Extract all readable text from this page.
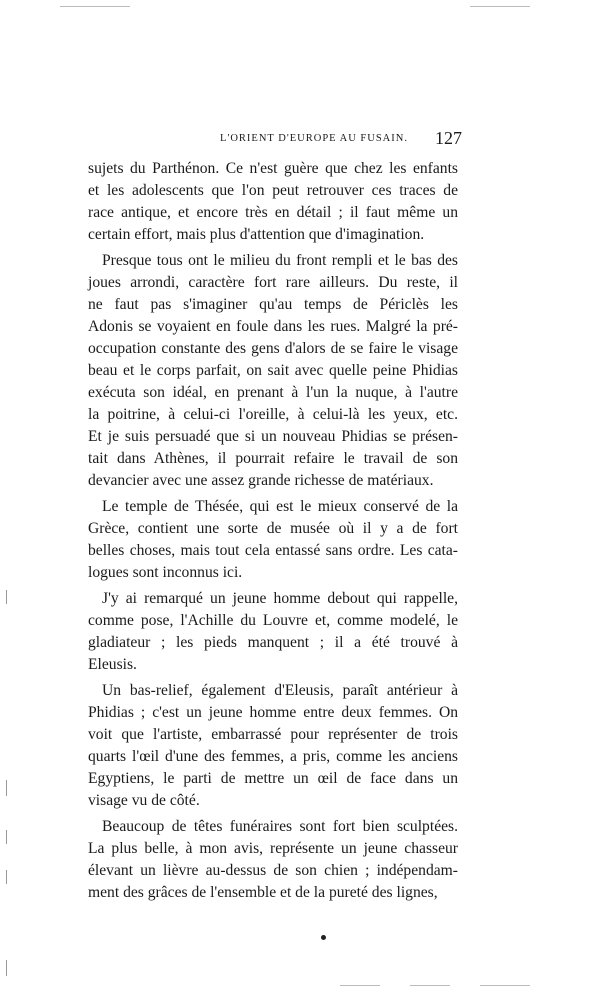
L'ORIENT D'EUROPE AU FUSAIN.	127
sujets du Parthénon. Ce n'est guère que chez les enfants
et les adolescents que l'on peut retrouver ces traces de
race antique, et encore très en détail ; il faut même un
certain effort, mais plus d'attention que d'imagination.
Presque tous ont le milieu du front rempli et le bas des
joues arrondi, caractère fort rare ailleurs. Du reste, il
ne faut pas s'imaginer qu'au temps de Périclès les
Adonis se voyaient en foule dans les rues. Malgré la pré-
occupation constante des gens d'alors de se faire le visage
beau et le corps parfait, on sait avec quelle peine Phidias
exécuta son idéal, en prenant à l'un la nuque, à l'autre
la poitrine, à celui-ci l'oreille, à celui-là les yeux, etc.
Et je suis persuadé que si un nouveau Phidias se présen-
tait dans Athènes, il pourrait refaire le travail de son
devancier avec une assez grande richesse de matériaux.
Le temple de Thésée, qui est le mieux conservé de la
Grèce, contient une sorte de musée où il y a de fort
belles choses, mais tout cela entassé sans ordre. Les cata-
logues sont inconnus ici.
J'y ai remarqué un jeune homme debout qui rappelle,
comme pose, l'Achille du Louvre et, comme modelé, le
gladiateur ; les pieds manquent ; il a été trouvé à
Eleusis.
Un bas-relief, également d'Eleusis, paraît antérieur à
Phidias ; c'est un jeune homme entre deux femmes. On
voit que l'artiste, embarrassé pour représenter de trois
quarts l'œil d'une des femmes, a pris, comme les anciens
Egyptiens, le parti de mettre un œil de face dans un
visage vu de côté.
Beaucoup de têtes funéraires sont fort bien sculptées.
La plus belle, à mon avis, représente un jeune chasseur
élevant un lièvre au-dessus de son chien ; indépendam-
ment des grâces de l'ensemble et de la pureté des lignes,
